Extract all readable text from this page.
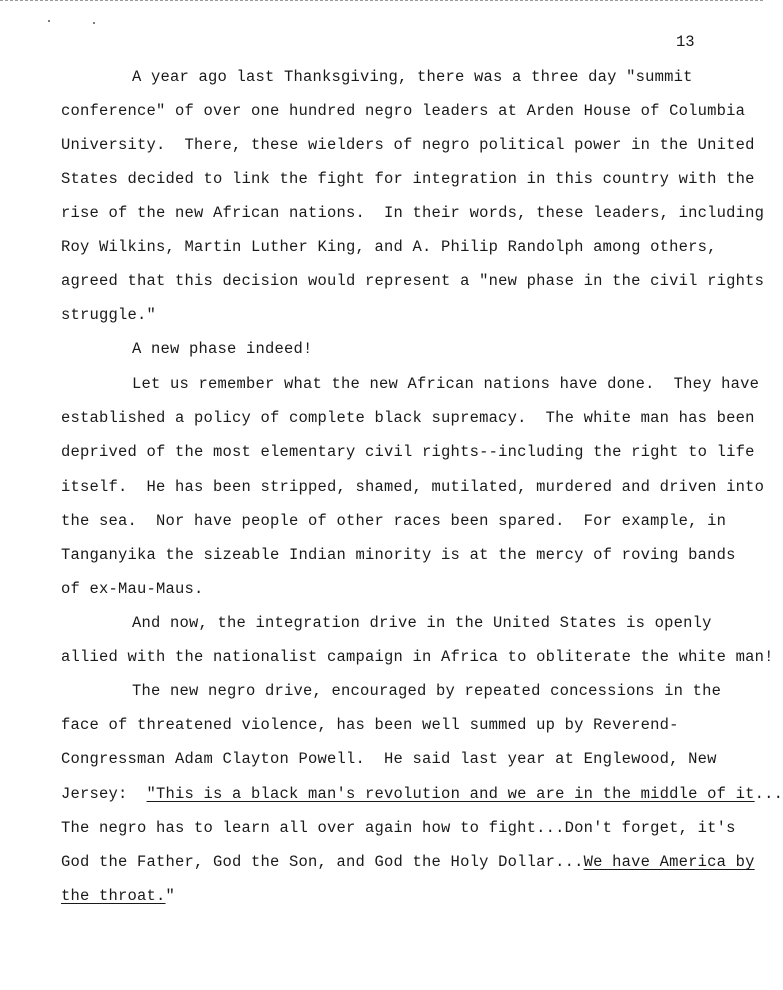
13
A year ago last Thanksgiving, there was a three day "summit
conference" of over one hundred negro leaders at Arden House of Columbia
University.  There, these wielders of negro political power in the United
States decided to link the fight for integration in this country with the
rise of the new African nations.  In their words, these leaders, including
Roy Wilkins, Martin Luther King, and A. Philip Randolph among others,
agreed that this decision would represent a "new phase in the civil rights
struggle."
A new phase indeed!
Let us remember what the new African nations have done.  They have
established a policy of complete black supremacy.  The white man has been
deprived of the most elementary civil rights--including the right to life
itself.  He has been stripped, shamed, mutilated, murdered and driven into
the sea.  Nor have people of other races been spared.  For example, in
Tanganyika the sizeable Indian minority is at the mercy of roving bands
of ex-Mau-Maus.
And now, the integration drive in the United States is openly
allied with the nationalist campaign in Africa to obliterate the white man!
The new negro drive, encouraged by repeated concessions in the
face of threatened violence, has been well summed up by Reverend-
Congressman Adam Clayton Powell.  He said last year at Englewood, New
Jersey:  "This is a black man's revolution and we are in the middle of it...
The negro has to learn all over again how to fight...Don't forget, it's
God the Father, God the Son, and God the Holy Dollar...We have America by
the throat."
